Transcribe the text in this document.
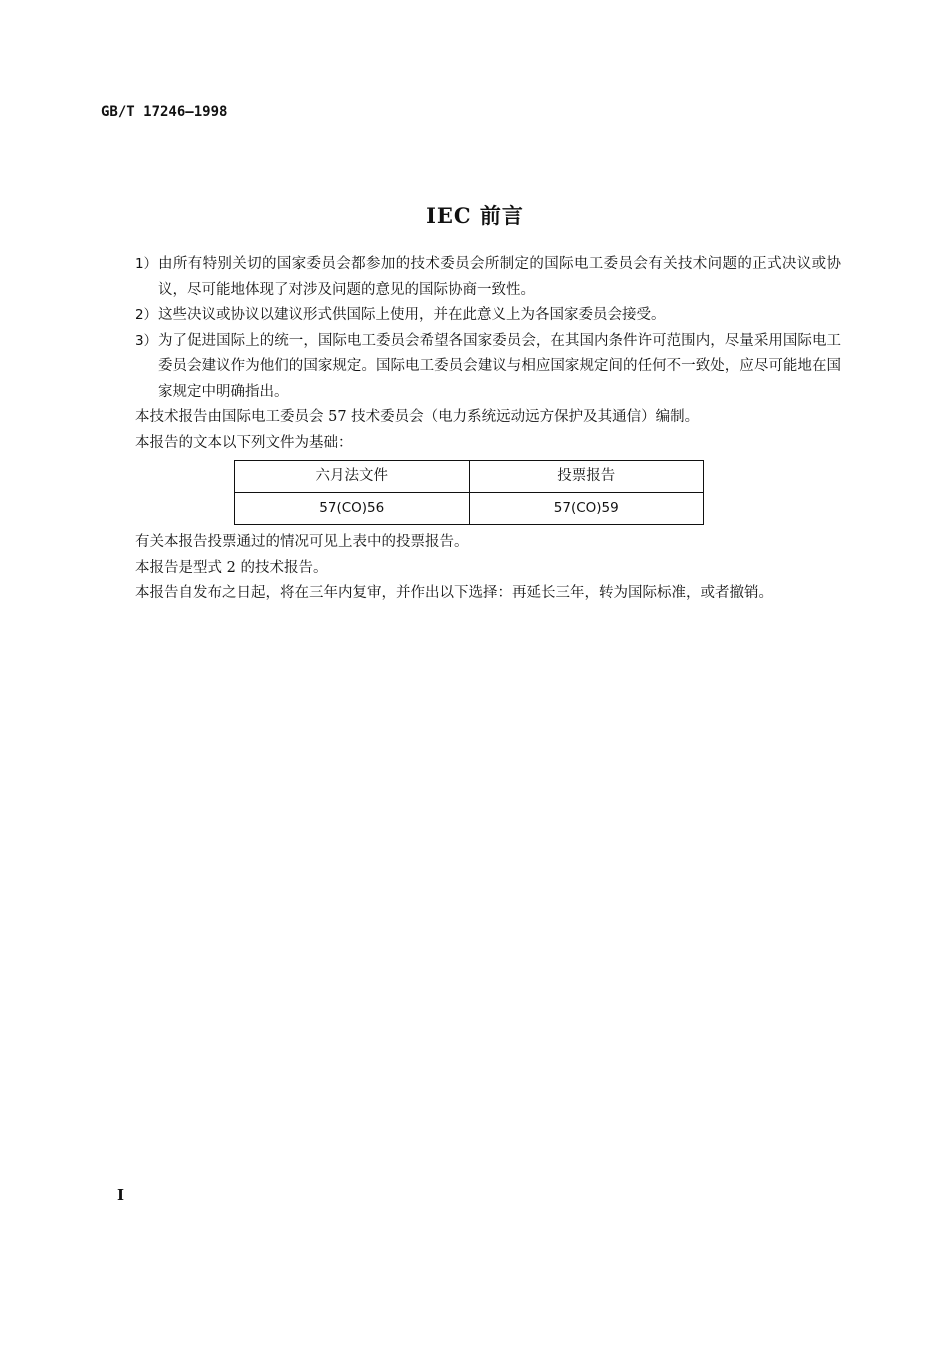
GB/T 17246—1998
IEC 前言
1） 由所有特别关切的国家委员会都参加的技术委员会所制定的国际电工委员会有关技术问题的正式决议或协议，尽可能地体现了对涉及问题的意见的国际协商一致性。
2） 这些决议或协议以建议形式供国际上使用，并在此意义上为各国家委员会接受。
3） 为了促进国际上的统一，国际电工委员会希望各国家委员会，在其国内条件许可范围内，尽量采用国际电工委员会建议作为他们的国家规定。国际电工委员会建议与相应国家规定间的任何不一致处，应尽可能地在国家规定中明确指出。

本技术报告由国际电工委员会 57 技术委员会（电力系统远动远方保护及其通信）编制。

本报告的文本以下列文件为基础：

六月法文件	投票报告
57(CO)56	57(CO)59

有关本报告投票通过的情况可见上表中的投票报告。

本报告是型式 2 的技术报告。

本报告自发布之日起，将在三年内复审，并作出以下选择：再延长三年，转为国际标准，或者撤销。

I
